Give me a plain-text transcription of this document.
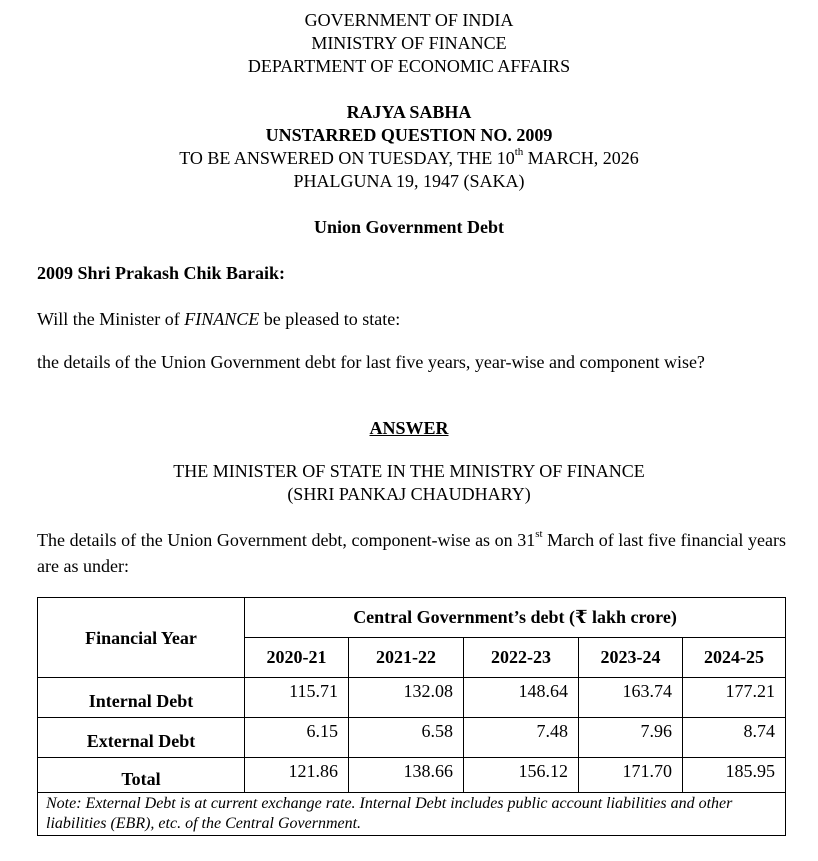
GOVERNMENT OF INDIA
MINISTRY OF FINANCE
DEPARTMENT OF ECONOMIC AFFAIRS
RAJYA SABHA
UNSTARRED QUESTION NO. 2009
TO BE ANSWERED ON TUESDAY, THE 10th MARCH, 2026
PHALGUNA 19, 1947 (SAKA)
Union Government Debt
2009 Shri Prakash Chik Baraik:
Will the Minister of FINANCE be pleased to state:
the details of the Union Government debt for last five years, year-wise and component wise?
ANSWER
THE MINISTER OF STATE IN THE MINISTRY OF FINANCE
(SHRI PANKAJ CHAUDHARY)
The details of the Union Government debt, component-wise as on 31st March of last five financial years are as under:
Financial Year	Central Government’s debt (₹ lakh crore)				
	2020-21	2021-22	2022-23	2023-24	2024-25
Internal Debt	115.71	132.08	148.64	163.74	177.21
External Debt	6.15	6.58	7.48	7.96	8.74
Total	121.86	138.66	156.12	171.70	185.95
Note: External Debt is at current exchange rate. Internal Debt includes public account liabilities and other liabilities (EBR), etc. of the Central Government.					
